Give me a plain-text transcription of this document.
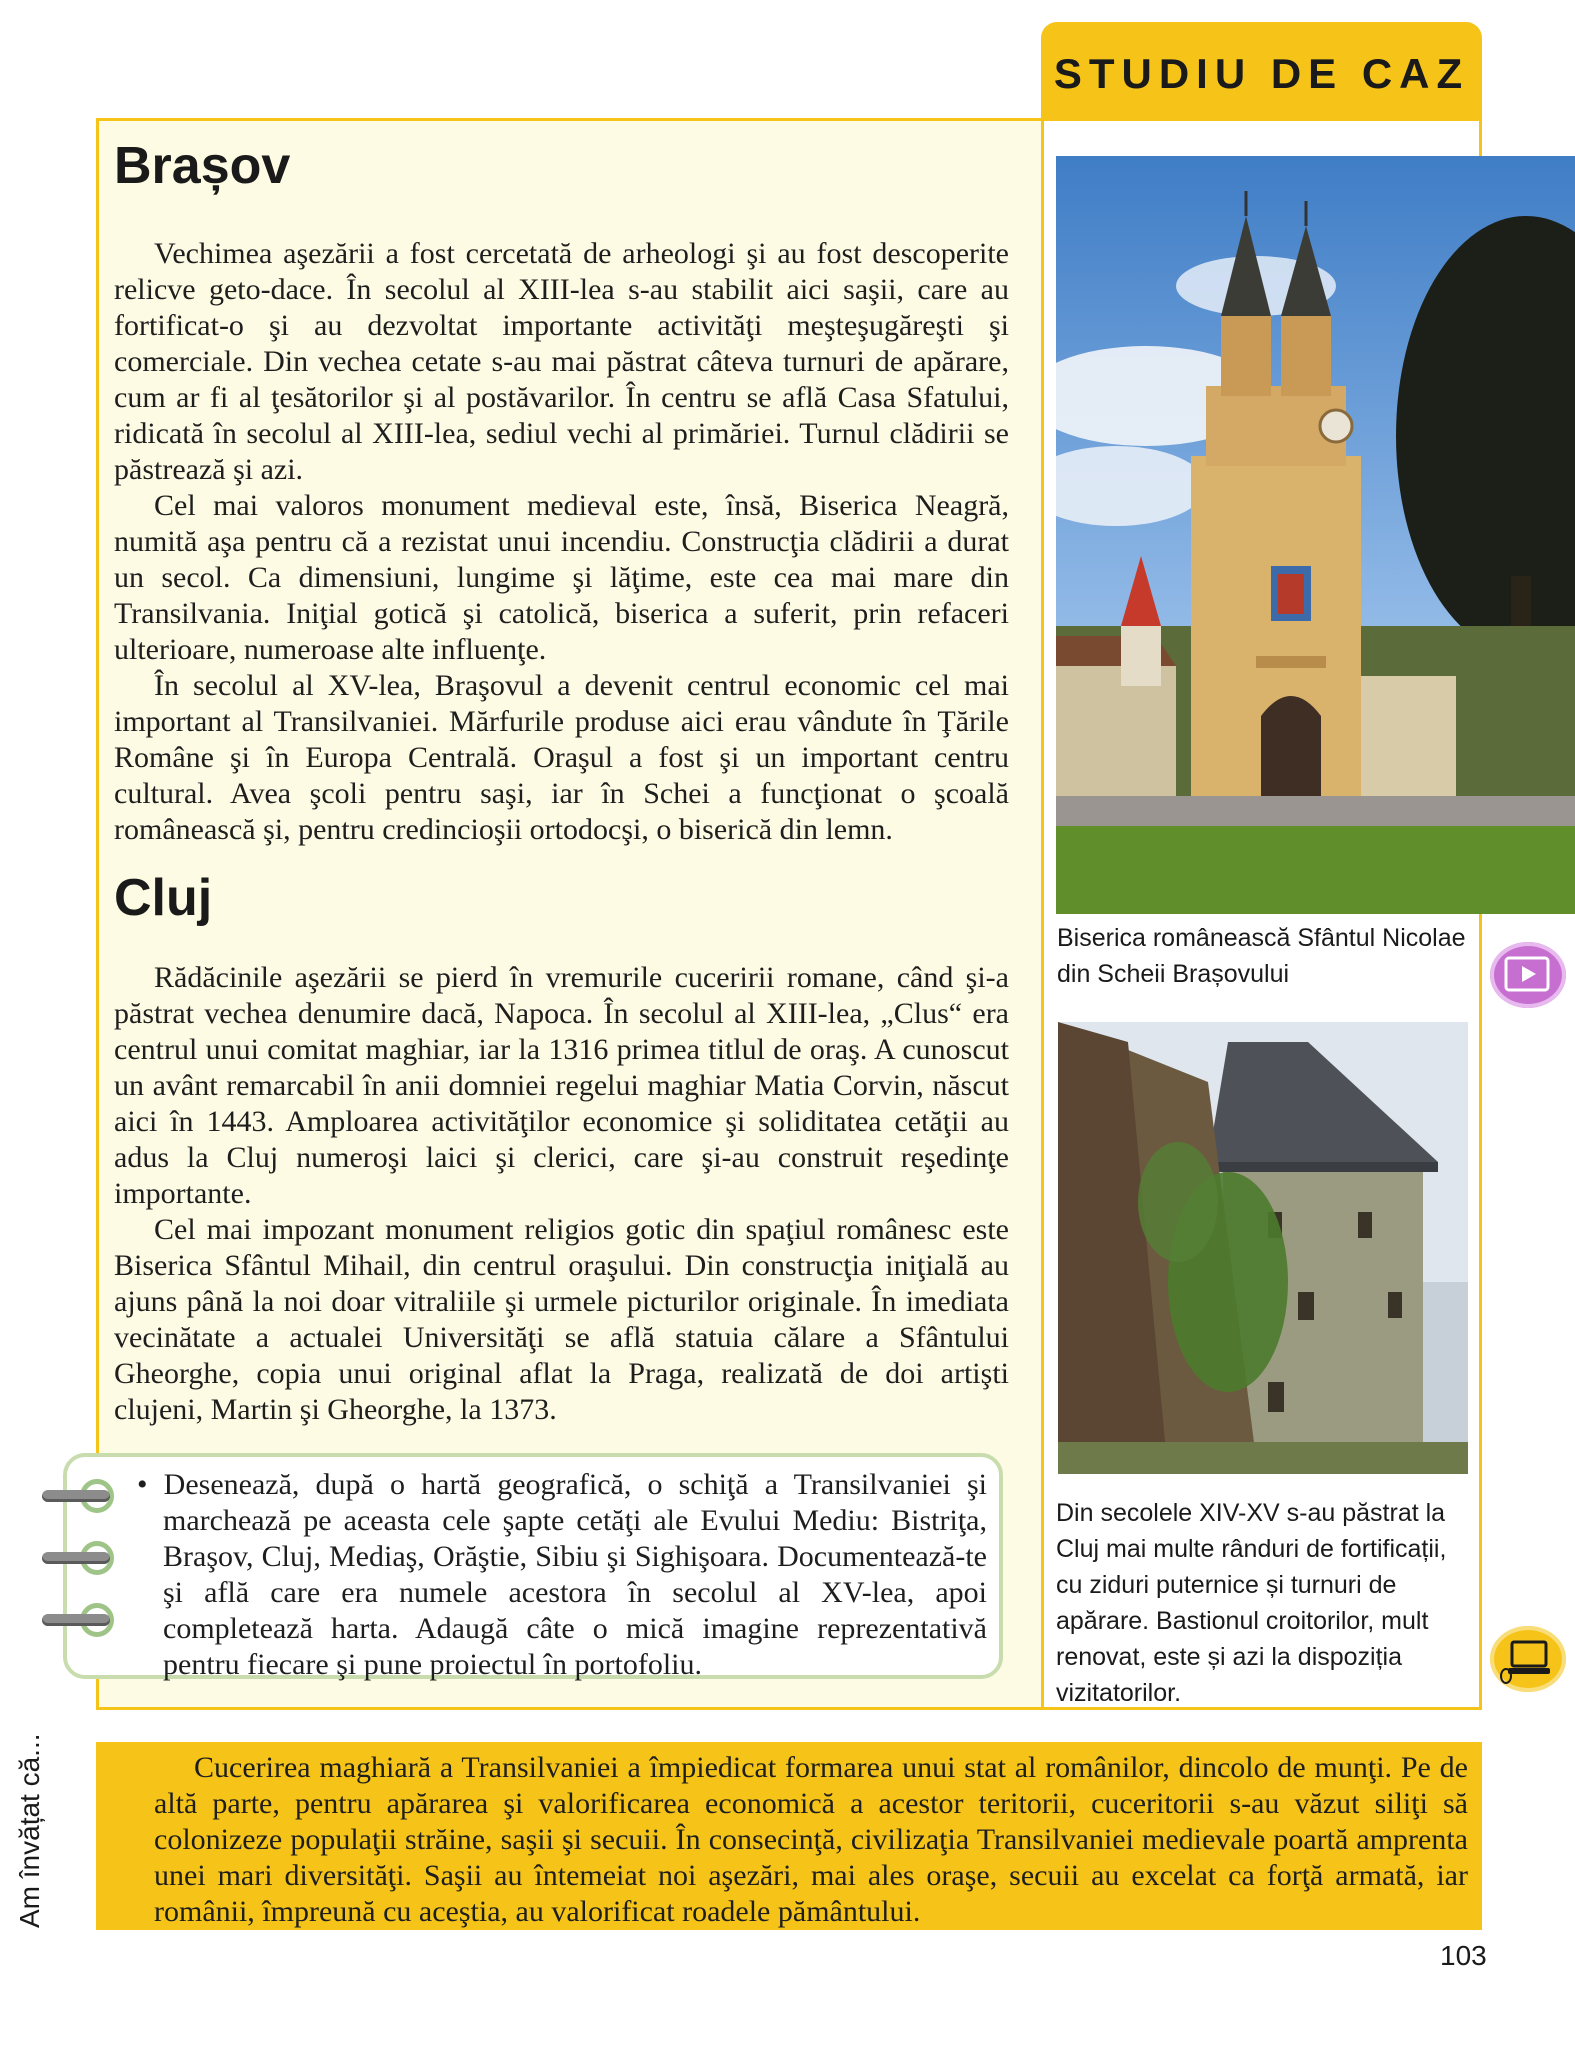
STUDIU DE CAZ
Brașov

Vechimea aşezării a fost cercetată de arheologi şi au fost descoperite relicve geto-dace. În secolul al XIII-lea s-au stabilit aici saşii, care au fortificat-o şi au dezvoltat importante activităţi meşteşugăreşti şi comerciale. Din vechea cetate s-au mai păstrat câteva turnuri de apărare, cum ar fi al ţesătorilor şi al postăvarilor. În centru se află Casa Sfatului, ridicată în secolul al XIII-lea, sediul vechi al primăriei. Turnul clădirii se păstrează şi azi.

Cel mai valoros monument medieval este, însă, Biserica Neagră, numită aşa pentru că a rezistat unui incendiu. Construcţia clădirii a durat un secol. Ca dimensiuni, lungime şi lăţime, este cea mai mare din Transilvania. Iniţial gotică şi catolică, biserica a suferit, prin refaceri ulterioare, numeroase alte influenţe.

În secolul al XV-lea, Braşovul a devenit centrul economic cel mai important al Transilvaniei. Mărfurile produse aici erau vândute în Ţările Române şi în Europa Centrală. Oraşul a fost şi un important centru cultural. Avea şcoli pentru saşi, iar în Schei a funcţionat o şcoală românească şi, pentru credincioşii ortodocşi, o biserică din lemn.

Cluj

Rădăcinile aşezării se pierd în vremurile cuceririi romane, când şi-a păstrat vechea denumire dacă, Napoca. În secolul al XIII-lea, „Clus“ era centrul unui comitat maghiar, iar la 1316 primea titlul de oraş. A cunoscut un avânt remarcabil în anii domniei regelui maghiar Matia Corvin, născut aici în 1443. Amploarea activităţilor economice şi soliditatea cetăţii au adus la Cluj numeroşi laici şi clerici, care şi-au construit reşedinţe importante.

Cel mai impozant monument religios gotic din spaţiul românesc este Biserica Sfântul Mihail, din centrul oraşului. Din construcţia iniţială au ajuns până la noi doar vitraliile şi urmele picturilor originale. În imediata vecinătate a actualei Universităţi se află statuia călare a Sfântului Gheorghe, copia unui original aflat la Praga, realizată de doi artişti clujeni, Martin şi Gheorghe, la 1373.

Biserica românească Sfântul Nicolae din Scheii Brașovului

Din secolele XIV-XV s-au păstrat la Cluj mai multe rânduri de fortificații, cu ziduri puternice și turnuri de apărare. Bastionul croitorilor, mult renovat, este și azi la dispoziția vizitatorilor.

• Desenează, după o hartă geografică, o schiţă a Transilvaniei şi marchează pe aceasta cele şapte cetăţi ale Evului Mediu: Bistriţa, Braşov, Cluj, Mediaş, Orăştie, Sibiu şi Sighişoara. Documentează-te şi află care era numele acestora în secolul al XV-lea, apoi completează harta. Adaugă câte o mică imagine reprezentativă pentru fiecare şi pune proiectul în portofoliu.

Am învățat că...	Cucerirea maghiară a Transilvaniei a împiedicat formarea unui stat al românilor, dincolo de munţi. Pe de altă parte, pentru apărarea şi valorificarea economică a acestor teritorii, cuceritorii s-au văzut siliţi să colonizeze populaţii străine, saşii şi secuii. În consecinţă, civilizaţia Transilvaniei medievale poartă amprenta unei mari diversităţi. Saşii au întemeiat noi aşezări, mai ales oraşe, secuii au excelat ca forţă armată, iar românii, împreună cu aceştia, au valorificat roadele pământului.

103
